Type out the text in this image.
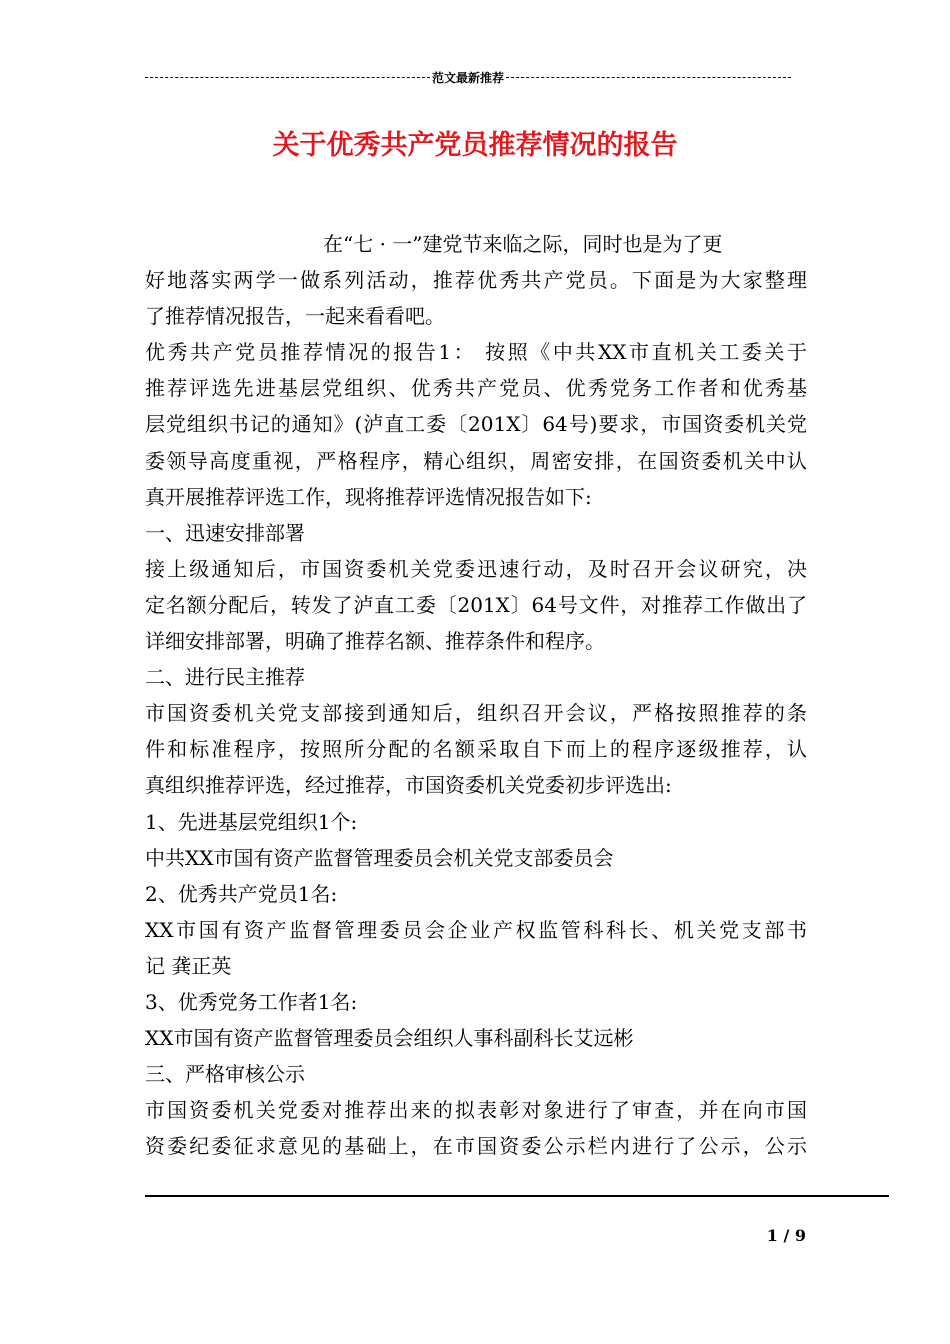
范文最新推荐
关于优秀共产党员推荐情况的报告
在“七 · 一”建党节来临之际，同时也是为了更
好地落实两学一做系列活动，推荐优秀共产党员。下面是为大家整理
了推荐情况报告，一起来看看吧。
优秀共产党员推荐情况的报告1： 按照《中共XX市直机关工委关于
推荐评选先进基层党组织、优秀共产党员、优秀党务工作者和优秀基
层党组织书记的通知》(泸直工委〔201X〕64号)要求，市国资委机关党
委领导高度重视，严格程序，精心组织，周密安排，在国资委机关中认
真开展推荐评选工作，现将推荐评选情况报告如下:
一、迅速安排部署
接上级通知后，市国资委机关党委迅速行动，及时召开会议研究，决
定名额分配后，转发了泸直工委〔201X〕64号文件，对推荐工作做出了
详细安排部署，明确了推荐名额、推荐条件和程序。
二、进行民主推荐
市国资委机关党支部接到通知后，组织召开会议，严格按照推荐的条
件和标准程序，按照所分配的名额采取自下而上的程序逐级推荐，认
真组织推荐评选，经过推荐，市国资委机关党委初步评选出:
1、先进基层党组织1个:
中共XX市国有资产监督管理委员会机关党支部委员会
2、优秀共产党员1名:
XX市国有资产监督管理委员会企业产权监管科科长、机关党支部书
记 龚正英
3、优秀党务工作者1名:
XX市国有资产监督管理委员会组织人事科副科长艾远彬
三、严格审核公示
市国资委机关党委对推荐出来的拟表彰对象进行了审查，并在向市国
资委纪委征求意见的基础上，在市国资委公示栏内进行了公示，公示
1 / 9
